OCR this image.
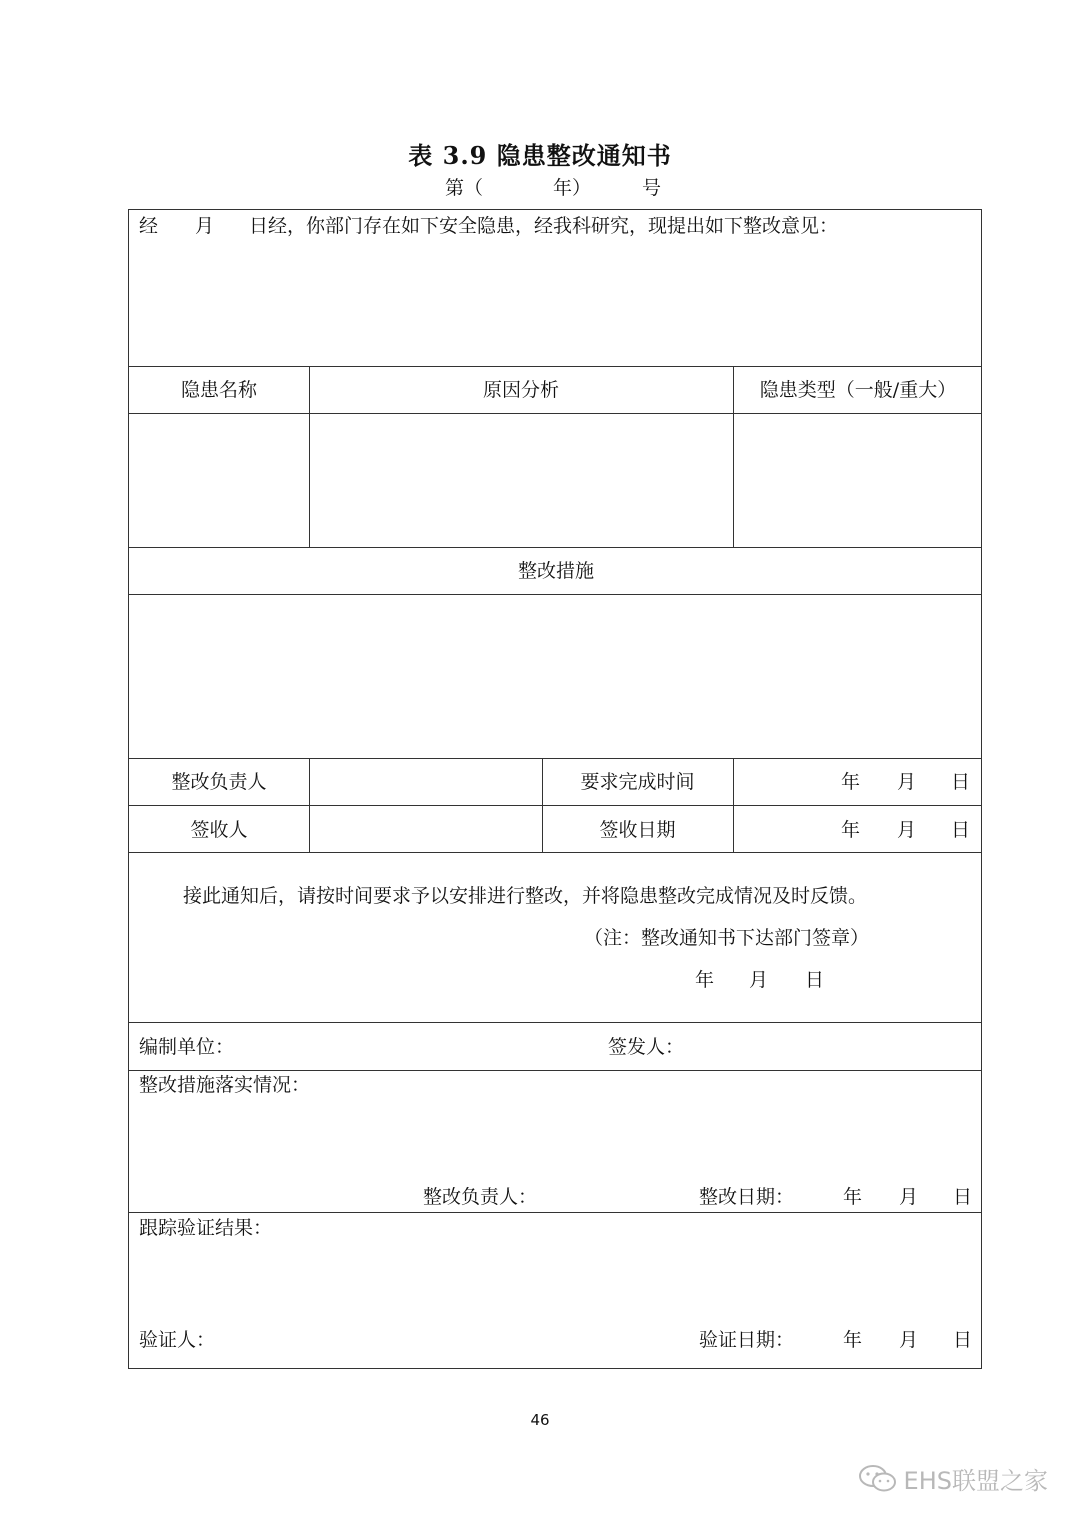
表 3.9 隐患整改通知书
第（	年）	号
经 月 日经，你部门存在如下安全隐患，经我科研究，现提出如下整改意见：
隐患名称	原因分析	隐患类型（一般/重大）
整改措施
整改负责人	要求完成时间	年 月 日
签收人	签收日期	年 月 日
接此通知后，请按时间要求予以安排进行整改，并将隐患整改完成情况及时反馈。
（注：整改通知书下达部门签章）
年 月 日
编制单位：	签发人：
整改措施落实情况：
整改负责人：	整改日期：	年 月 日
跟踪验证结果：
验证人：	验证日期：	年 月 日
46
EHS联盟之家
